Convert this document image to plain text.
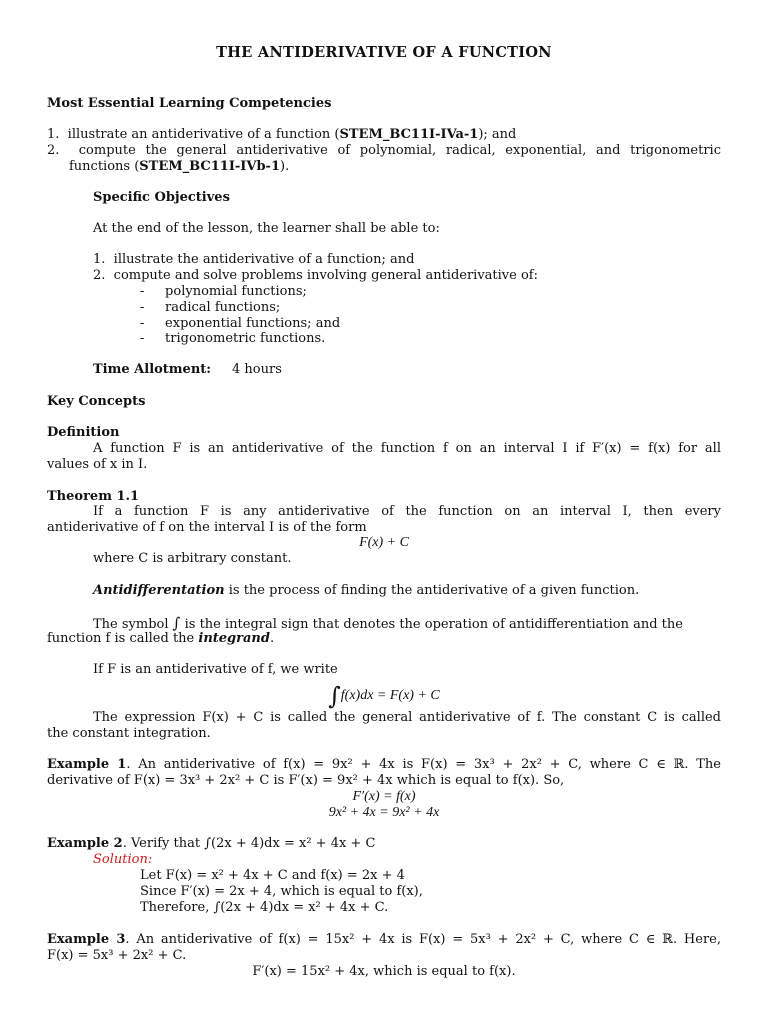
THE ANTIDERIVATIVE OF A FUNCTION
Most Essential Learning Competencies
1.  illustrate an antiderivative of a function (STEM_BC11I-IVa-1); and
2.  compute the general antiderivative of polynomial, radical, exponential, and trigonometric
functions (STEM_BC11I-IVb-1).
Specific Objectives
At the end of the lesson, the learner shall be able to:
1.  illustrate the antiderivative of a function; and
2.  compute and solve problems involving general antiderivative of:
-     polynomial functions;
-     radical functions;
-     exponential functions; and
-     trigonometric functions.
Time Allotment: 4 hours
Key Concepts
Definition
A function F is an antiderivative of the function f on an interval I if F′(x) = f(x) for all
values of x in I.
Theorem 1.1
If a function F is any antiderivative of the function on an interval I, then every
antiderivative of f on the interval I is of the form
F(x) + C
where C is arbitrary constant.
Antidifferentation is the process of finding the antiderivative of a given function.
The symbol ∫ is the integral sign that denotes the operation of antidifferentiation and the
function f is called the integrand.
If F is an antiderivative of f, we write
∫f(x)dx = F(x) + C
The expression F(x) + C is called the general antiderivative of f. The constant C is called
the constant integration.
Example 1. An antiderivative of f(x) = 9x² + 4x is F(x) = 3x³ + 2x² + C, where C ∈ ℝ. The
derivative of F(x) = 3x³ + 2x² + C is F′(x) = 9x² + 4x which is equal to f(x). So,
F′(x) = f(x)
9x² + 4x = 9x² + 4x
Example 2. Verify that ∫(2x + 4)dx = x² + 4x + C
Solution:
Let F(x) = x² + 4x + C and f(x) = 2x + 4
Since F′(x) = 2x + 4, which is equal to f(x),
Therefore, ∫(2x + 4)dx = x² + 4x + C.
Example 3. An antiderivative of f(x) = 15x² + 4x is F(x) = 5x³ + 2x² + C, where C ∈ ℝ. Here,
F(x) = 5x³ + 2x² + C.
F′(x) = 15x² + 4x, which is equal to f(x).
